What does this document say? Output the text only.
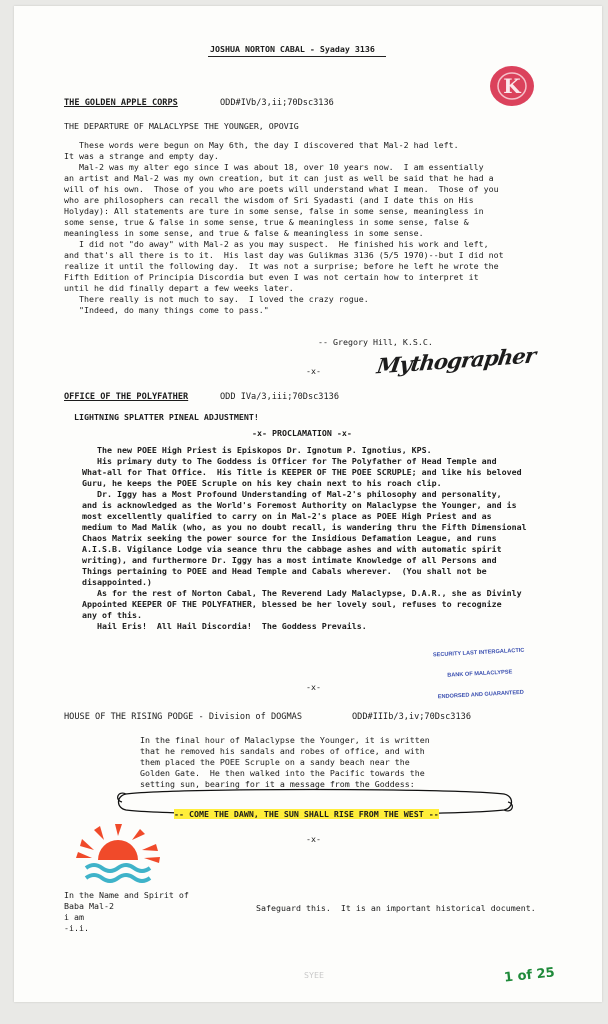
JOSHUA NORTON CABAL - Syaday 3136
K
THE GOLDEN APPLE CORPS	ODD#IVb/3,ii;70Dsc3136
THE DEPARTURE OF MALACLYPSE THE YOUNGER, OPOVIG
These words were begun on May 6th, the day I discovered that Mal-2 had left.
It was a strange and empty day.
Mal-2 was my alter ego since I was about 18, over 10 years now.  I am essentially
an artist and Mal-2 was my own creation, but it can just as well be said that he had a
will of his own.  Those of you who are poets will understand what I mean.  Those of you
who are philosophers can recall the wisdom of Sri Syadasti (and I date this on His
Holyday): All statements are ture in some sense, false in some sense, meaningless in
some sense, true & false in some sense, true & meaningless in some sense, false &
meaningless in some sense, and true & false & meaningless in some sense.
I did not "do away" with Mal-2 as you may suspect.  He finished his work and left,
and that's all there is to it.  His last day was Gulikmas 3136 (5/5 1970)--but I did not
realize it until the following day.  It was not a surprise; before he left he wrote the
Fifth Edition of Principia Discordia but even I was not certain how to interpret it
until he did finally depart a few weeks later.
There really is not much to say.  I loved the crazy rogue.
"Indeed, do many things come to pass."
-- Gregory Hill, K.S.C.
Mythographer
-x-
OFFICE OF THE POLYFATHER	ODD IVa/3,iii;70Dsc3136
LIGHTNING SPLATTER PINEAL ADJUSTMENT!
-x- PROCLAMATION -x-
The new POEE High Priest is Episkopos Dr. Ignotum P. Ignotius, KPS.
His primary duty to The Goddess is Officer for The Polyfather of Head Temple and
What-all for That Office.  His Title is KEEPER OF THE POEE SCRUPLE; and like his beloved
Guru, he keeps the POEE Scruple on his key chain next to his roach clip.
Dr. Iggy has a Most Profound Understanding of Mal-2's philosophy and personality,
and is acknowledged as the World's Foremost Authority on Malaclypse the Younger, and is
most excellently qualified to carry on in Mal-2's place as POEE High Priest and as
medium to Mad Malik (who, as you no doubt recall, is wandering thru the Fifth Dimensional
Chaos Matrix seeking the power source for the Insidious Defamation League, and runs
A.I.S.B. Vigilance Lodge via seance thru the cabbage ashes and with automatic spirit
writing), and furthermore Dr. Iggy has a most intimate Knowledge of all Persons and
Things pertaining to POEE and Head Temple and Cabals wherever.  (You shall not be
disappointed.)
As for the rest of Norton Cabal, The Reverend Lady Malaclypse, D.A.R., she as Divinly
Appointed KEEPER OF THE POLYFATHER, blessed be her lovely soul, refuses to recognize
any of this.
Hail Eris!  All Hail Discordia!  The Goddess Prevails.

SECURITY LAST INTERGALACTIC

BANK OF MALACLYPSE

ENDORSED AND GUARANTEED

-x-
HOUSE OF THE RISING PODGE - Division of DOGMAS	ODD#IIIb/3,iv;70Dsc3136
In the final hour of Malaclypse the Younger, it is written
that he removed his sandals and robes of office, and with
them placed the POEE Scruple on a sandy beach near the
Golden Gate.  He then walked into the Pacific towards the
setting sun, bearing for it a message from the Goddess:

-- COME THE DAWN, THE SUN SHALL RISE FROM THE WEST --

-x-
In the Name and Spirit of
Baba Mal-2
i am
-i.i.
Safeguard this.  It is an important historical document.
SYEE	1 of 25
